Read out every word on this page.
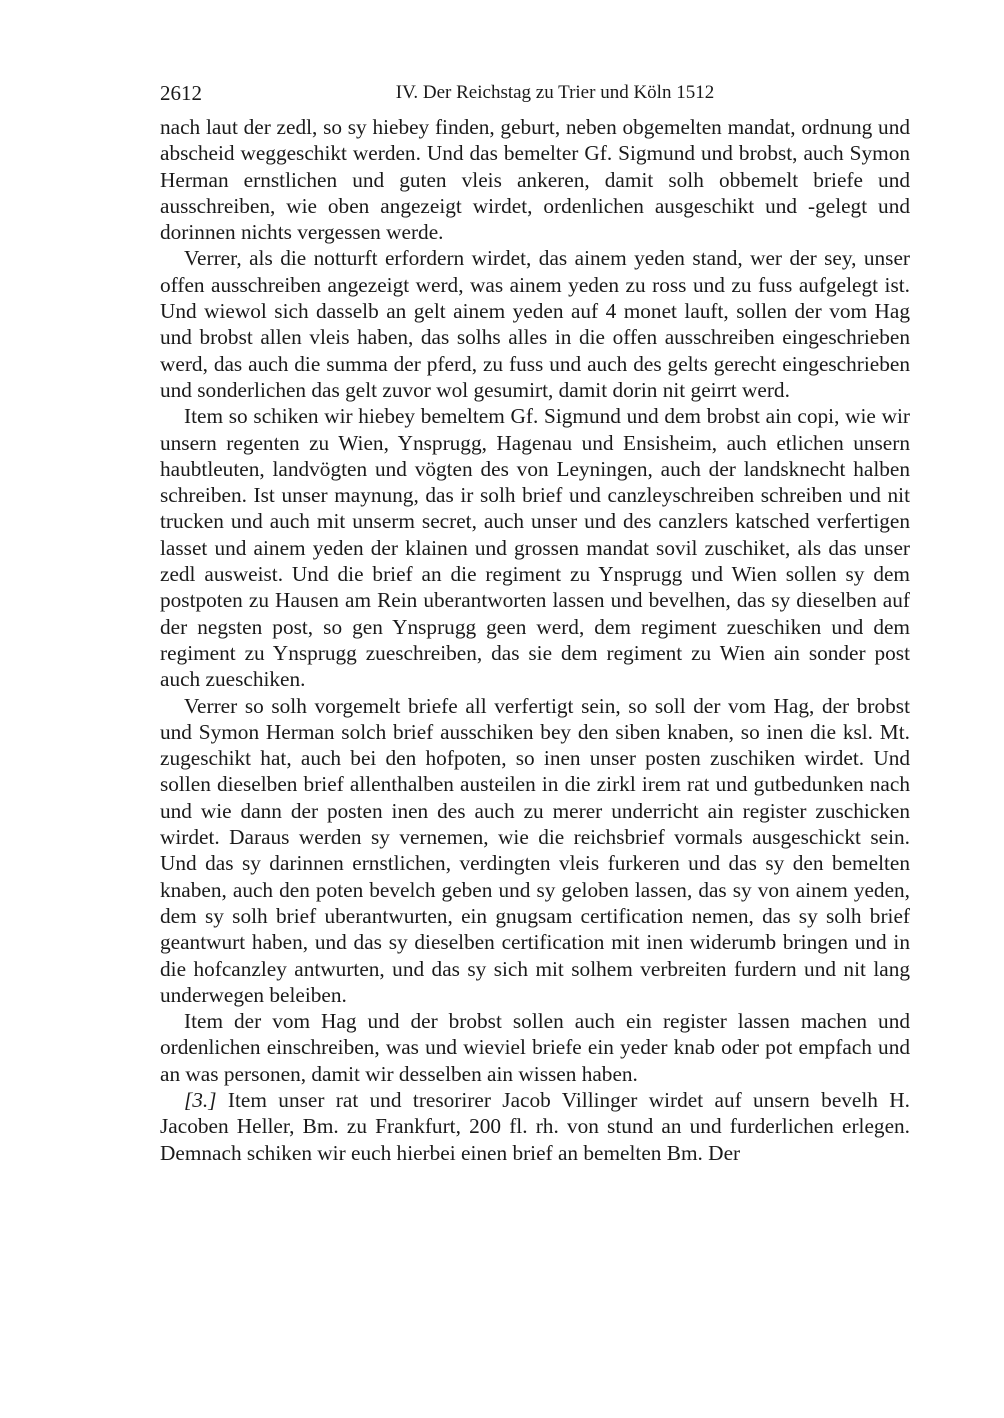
2612	IV. Der Reichstag zu Trier und Köln 1512

nach laut der zedl, so sy hiebey finden, geburt, neben obgemelten mandat, ordnung und abscheid weggeschikt werden. Und das bemelter Gf. Sigmund und brobst, auch Symon Herman ernstlichen und guten vleis ankeren, damit solh obbemelt briefe und ausschreiben, wie oben angezeigt wirdet, ordenlichen ausgeschikt und -gelegt und dorinnen nichts vergessen werde.

Verrer, als die notturft erfordern wirdet, das ainem yeden stand, wer der sey, unser offen ausschreiben angezeigt werd, was ainem yeden zu ross und zu fuss aufgelegt ist. Und wiewol sich dasselb an gelt ainem yeden auf 4 monet lauft, sollen der vom Hag und brobst allen vleis haben, das solhs alles in die offen ausschreiben eingeschrieben werd, das auch die summa der pferd, zu fuss und auch des gelts gerecht eingeschrieben und sonderlichen das gelt zuvor wol gesumirt, damit dorin nit geirrt werd.

Item so schiken wir hiebey bemeltem Gf. Sigmund und dem brobst ain copi, wie wir unsern regenten zu Wien, Ynsprugg, Hagenau und Ensisheim, auch etlichen unsern haubtleuten, landvögten und vögten des von Leyningen, auch der landsknecht halben schreiben. Ist unser maynung, das ir solh brief und canzleyschreiben schreiben und nit trucken und auch mit unserm secret, auch unser und des canzlers katsched verfertigen lasset und ainem yeden der klainen und grossen mandat sovil zuschiket, als das unser zedl ausweist. Und die brief an die regiment zu Ynsprugg und Wien sollen sy dem postpoten zu Hausen am Rein uberantworten lassen und bevelhen, das sy dieselben auf der negsten post, so gen Ynsprugg geen werd, dem regiment zueschiken und dem regiment zu Ynsprugg zueschreiben, das sie dem regiment zu Wien ain sonder post auch zueschiken.

Verrer so solh vorgemelt briefe all verfertigt sein, so soll der vom Hag, der brobst und Symon Herman solch brief ausschiken bey den siben knaben, so inen die ksl. Mt. zugeschikt hat, auch bei den hofpoten, so inen unser posten zuschiken wirdet. Und sollen dieselben brief allenthalben austeilen in die zirkl irem rat und gutbedunken nach und wie dann der posten inen des auch zu merer underricht ain register zuschicken wirdet. Daraus werden sy vernemen, wie die reichsbrief vormals ausgeschickt sein. Und das sy darinnen ernstlichen, verdingten vleis furkeren und das sy den bemelten knaben, auch den poten bevelch geben und sy geloben lassen, das sy von ainem yeden, dem sy solh brief uberantwurten, ein gnugsam certification nemen, das sy solh brief geantwurt haben, und das sy dieselben certification mit inen widerumb bringen und in die hofcanzley antwurten, und das sy sich mit solhem verbreiten furdern und nit lang underwegen beleiben.

Item der vom Hag und der brobst sollen auch ein register lassen machen und ordenlichen einschreiben, was und wieviel briefe ein yeder knab oder pot empfach und an was personen, damit wir desselben ain wissen haben.

[3.] Item unser rat und tresorirer Jacob Villinger wirdet auf unsern bevelh H. Jacoben Heller, Bm. zu Frankfurt, 200 fl. rh. von stund an und furderlichen erlegen. Demnach schiken wir euch hierbei einen brief an bemelten Bm. Der
